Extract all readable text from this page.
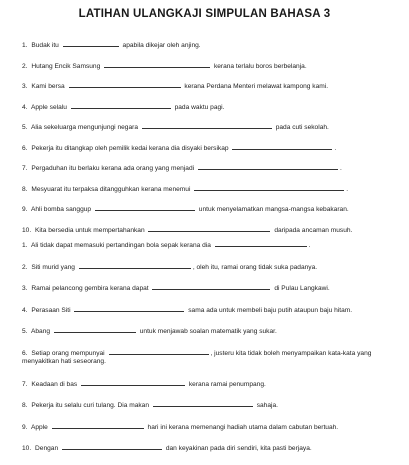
LATIHAN ULANGKAJI SIMPULAN BAHASA 3
1. Budak itu	apabila dikejar oleh anjing.
2. Hutang Encik Samsung	kerana terlalu boros berbelanja.
3. Kami bersa	kerana Perdana Menteri melawat kampong kami.
4. Apple selalu	pada waktu pagi.
5. Alia sekeluarga mengunjungi negara	pada cuti sekolah.
6. Pekerja itu ditangkap oleh pemilik kedai kerana dia disyaki bersikap	.
7. Pergaduhan itu berlaku kerana ada orang yang menjadi	.
8. Mesyuarat itu terpaksa ditangguhkan kerana menemui	.
9. Ahli bomba sanggup	untuk menyelamatkan mangsa-mangsa kebakaran.
10. Kita bersedia untuk mempertahankan	daripada ancaman musuh.
1. Ali tidak dapat memasuki pertandingan bola sepak kerana dia	.
2. Siti murid yang	, oleh itu, ramai orang tidak suka padanya.
3. Ramai pelancong gembira kerana dapat	di Pulau Langkawi.
4. Perasaan Siti	sama ada untuk membeli baju putih ataupun baju hitam.
5. Abang	untuk menjawab soalan matematik yang sukar.
6. Setiap orang mempunyai	, justeru kita tidak boleh menyampaikan kata-kata yang menyakitkan hati seseorang.
7. Keadaan di bas	kerana ramai penumpang.
8. Pekerja itu selalu curi tulang. Dia makan	sahaja.
9. Apple	hari ini kerana memenangi hadiah utama dalam cabutan bertuah.
10. Dengan	dan keyakinan pada diri sendiri, kita pasti berjaya.
